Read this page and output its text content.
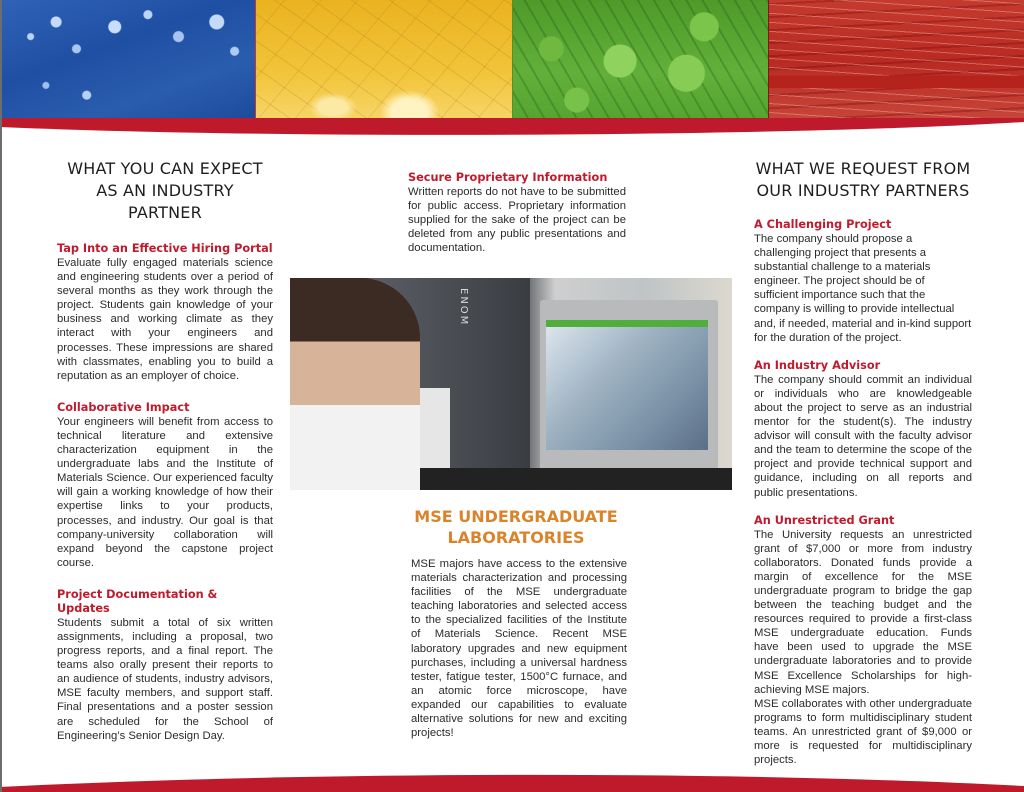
WHAT YOU CAN EXPECT
AS AN INDUSTRY PARTNER

Tap Into an Effective Hiring Portal

Evaluate fully engaged materials science and engineering students over a period of several months as they work through the project. Students gain knowledge of your business and working climate as they interact with your engineers and processes. These impressions are shared with classmates, enabling you to build a reputation as an employer of choice.

Collaborative Impact

Your engineers will benefit from access to technical literature and extensive characterization equipment in the undergraduate labs and the Institute of Materials Science. Our experienced faculty will gain a working knowledge of how their expertise links to your products, processes, and industry. Our goal is that company-university collaboration will expand beyond the capstone project course.

Project Documentation & Updates

Students submit a total of six written assignments, including a proposal, two progress reports, and a final report. The teams also orally present their reports to an audience of students, industry advisors, MSE faculty members, and support staff. Final presentations and a poster session are scheduled for the School of Engineering’s Senior Design Day.

Secure Proprietary Information

Written reports do not have to be submitted for public access. Proprietary information supplied for the sake of the project can be deleted from any public presentations and documentation.

ENOM
MSE UNDERGRADUATE
LABORATORIES

MSE majors have access to the extensive materials characterization and processing facilities of the MSE undergraduate teaching laboratories and selected access to the specialized facilities of the Institute of Materials Science. Recent MSE laboratory upgrades and new equipment purchases, including a universal hardness tester, fatigue tester, 1500°C furnace, and an atomic force microscope, have expanded our capabilities to evaluate alternative solutions for new and exciting projects!

WHAT WE REQUEST FROM
OUR INDUSTRY PARTNERS

A Challenging Project

The company should propose a challenging project that presents a substantial challenge to a materials engineer. The project should be of sufficient importance such that the company is willing to provide intellectual and, if needed, material and in-kind support for the duration of the project.

An Industry Advisor

The company should commit an individual or individuals who are knowledgeable about the project to serve as an industrial mentor for the student(s). The industry advisor will consult with the faculty advisor and the team to determine the scope of the project and provide technical support and guidance, including on all reports and public presentations.

An Unrestricted Grant

The University requests an unrestricted grant of $7,000 or more from industry collaborators. Donated funds provide a margin of excellence for the MSE undergraduate program to bridge the gap between the teaching budget and the resources required to provide a first-class MSE undergraduate education. Funds have been used to upgrade the MSE undergraduate laboratories and to provide MSE Excellence Scholarships for high-achieving MSE majors.

MSE collaborates with other undergraduate programs to form multidisciplinary student teams. An unrestricted grant of $9,000 or more is requested for multidisciplinary projects.
